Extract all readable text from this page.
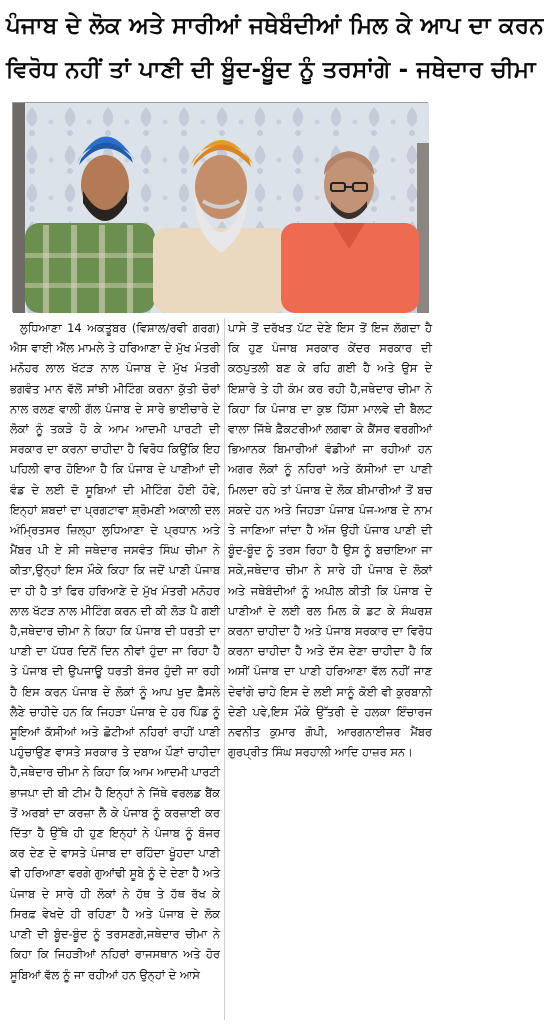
ਪੰਜਾਬ ਦੇ ਲੋਕ ਅਤੇ ਸਾਰੀਆਂ ਜਥੇਬੰਦੀਆਂ ਮਿਲ ਕੇ ਆਪ ਦਾ ਕਰਨ
ਵਿਰੋਧ ਨਹੀਂ ਤਾਂ ਪਾਣੀ ਦੀ ਬੂੰਦ-ਬੂੰਦ ਨੂੰ ਤਰਸਾਂਗੇ - ਜਥੇਦਾਰ ਚੀਮਾ

ਲੁਧਿਆਣਾ 14 ਅਕਤੂਬਰ (ਵਿਸ਼ਾਲ/ਰਵੀ ਗਰਗ) ਐਸ ਵਾਈ ਐੱਲ ਮਾਮਲੇ ਤੇ ਹਰਿਆਣਾ ਦੇ ਮੁੱਖ ਮੰਤਰੀ ਮਨੋਹਰ ਲਾਲ ਖੱਟੜ ਨਾਲ ਪੰਜਾਬ ਦੇ ਮੁੱਖ ਮੰਤਰੀ ਭਗਵੰਤ ਮਾਨ ਵੱਲੋਂ ਸਾਂਝੀ ਮੀਟਿੰਗ ਕਰਨਾ ਕੁੱਤੀ ਚੋਰਾਂ ਨਾਲ ਰਲਣ ਵਾਲੀ ਗੱਲ ਪੰਜਾਬ ਦੇ ਸਾਰੇ ਭਾਈਚਾਰੇ ਦੇ ਲੋਕਾਂ ਨੂੰ ਤਕੜੇ ਹੋ ਕੇ ਆਮ ਆਦਮੀ ਪਾਰਟੀ ਦੀ ਸਰਕਾਰ ਦਾ ਕਰਨਾ ਚਾਹੀਦਾ ਹੈ ਵਿਰੋਧ ਕਿਉਂਕਿ ਇਹ ਪਹਿਲੀ ਵਾਰ ਹੋਇਆ ਹੈ ਕਿ ਪੰਜਾਬ ਦੇ ਪਾਣੀਆਂ ਦੀ ਵੰਡ ਦੇ ਲਈ ਦੋ ਸੂਬਿਆਂ ਦੀ ਮੀਟਿੰਗ ਹੋਈ ਹੋਵੇ, ਇਨ੍ਹਾਂ ਸ਼ਬਦਾਂ ਦਾ ਪ੍ਰਗਟਾਵਾ ਸ਼੍ਰੋਮਣੀ ਅਕਾਲੀ ਦਲ ਅੰਮ੍ਰਿਤਸਰ ਜ਼ਿਲ੍ਹਾ ਲੁਧਿਆਣਾ ਦੇ ਪ੍ਰਧਾਨ ਅਤੇ ਮੈਂਬਰ ਪੀ ਏ ਸੀ ਜਥੇਦਾਰ ਜਸਵੰਤ ਸਿੰਘ ਚੀਮਾ ਨੇ ਕੀਤਾ,ਉਨ੍ਹਾਂ ਇਸ ਮੌਕੇ ਕਿਹਾ ਕਿ ਜਦੋਂ ਪਾਣੀ ਪੰਜਾਬ ਦਾ ਹੀ ਹੈ ਤਾਂ ਫਿਰ ਹਰਿਆਣੇ ਦੇ ਮੁੱਖ ਮੰਤਰੀ ਮਨੋਹਰ ਲਾਲ ਖੱਟੜ ਨਾਲ ਮੀਟਿੰਗ ਕਰਨ ਦੀ ਕੀ ਲੋੜ ਪੈ ਗਈ ਹੈ,ਜਥੇਦਾਰ ਚੀਮਾ ਨੇ ਕਿਹਾ ਕਿ ਪੰਜਾਬ ਦੀ ਧਰਤੀ ਦਾ ਪਾਣੀ ਦਾ ਪੱਧਰ ਦਿਨੋਂ ਦਿਨ ਨੀਵਾਂ ਹੁੰਦਾ ਜਾ ਰਿਹਾ ਹੈ ਤੇ ਪੰਜਾਬ ਦੀ ਉਪਜਾਊ ਧਰਤੀ ਬੰਜਰ ਹੁੰਦੀ ਜਾ ਰਹੀ ਹੈ ਇਸ ਕਰਨ ਪੰਜਾਬ ਦੇ ਲੋਕਾਂ ਨੂੰ ਆਪ ਖੁਦ ਫ਼ੈਸਲੇ ਲੈਣੇ ਚਾਹੀਦੇ ਹਨ ਕਿ ਜਿਹੜਾ ਪੰਜਾਬ ਦੇ ਹਰ ਪਿੰਡ ਨੂੰ ਸੂਇਆਂ ਕੱਸੀਆਂ ਅਤੇ ਛੋਟੀਆਂ ਨਹਿਰਾਂ ਰਾਹੀਂ ਪਾਣੀ ਪਹੁੰਚਾਉਣ ਵਾਸਤੇ ਸਰਕਾਰ ਤੇ ਦਬਾਅ ਪੌਣਾਂ ਚਾਹੀਦਾ ਹੈ,ਜਥੇਦਾਰ ਚੀਮਾ ਨੇ ਕਿਹਾ ਕਿ ਆਮ ਆਦਮੀ ਪਾਰਟੀ ਭਾਜਪਾ ਦੀ ਬੀ ਟੀਮ ਹੈ ਇਨ੍ਹਾਂ ਨੇ ਜਿੱਥੇ ਵਰਲਡ ਬੈਂਕ ਤੋਂ ਅਰਬਾਂ ਦਾ ਕਰਜ਼ਾ ਲੈ ਕੇ ਪੰਜਾਬ ਨੂੰ ਕਰਜ਼ਾਈ ਕਰ ਦਿੱਤਾ ਹੈ ਉੱਥੇ ਹੀ ਹੁਣ ਇਨ੍ਹਾਂ ਨੇ ਪੰਜਾਬ ਨੂੰ ਬੰਜਰ ਕਰ ਦੇਣ ਦੇ ਵਾਸਤੇ ਪੰਜਾਬ ਦਾ ਰਹਿੰਦਾ ਖੂੰਹਦਾ ਪਾਣੀ ਵੀ ਹਰਿਆਣਾ ਵਰਗੇ ਗੁਆਂਢੀ ਸੂਬੇ ਨੂੰ ਦੇ ਦੇਣਾ ਹੈ ਅਤੇ ਪੰਜਾਬ ਦੇ ਸਾਰੇ ਹੀ ਲੋਕਾਂ ਨੇ ਹੱਥ ਤੇ ਹੱਥ ਰੱਖ ਕੇ ਸਿਰਫ਼ ਵੇਖਦੇ ਹੀ ਰਹਿਣਾ ਹੈ ਅਤੇ ਪੰਜਾਬ ਦੇ ਲੋਕ ਪਾਣੀ ਦੀ ਬੂੰਦ-ਬੂੰਦ ਨੂੰ ਤਰਸਣਗੇ,ਜਥੇਦਾਰ ਚੀਮਾ ਨੇ ਕਿਹਾ ਕਿ ਜਿਹੜੀਆਂ ਨਹਿਰਾਂ ਰਾਜਸਥਾਨ ਅਤੇ ਹੋਰ ਸੂਬਿਆਂ ਵੱਲ ਨੂੰ ਜਾ ਰਹੀਆਂ ਹਨ ਉਨ੍ਹਾਂ ਦੇ ਆਸੇ

ਪਾਸੇ ਤੋਂ ਦਰੱਖਤ ਪੱਟ ਦੇਣੇ ਇਸ ਤੋਂ ਇਜ ਲੱਗਦਾ ਹੈ ਕਿ ਹੁਣ ਪੰਜਾਬ ਸਰਕਾਰ ਕੇਂਦਰ ਸਰਕਾਰ ਦੀ ਕਠਪੁਤਲੀ ਬਣ ਕੇ ਰਹਿ ਗਈ ਹੈ ਅਤੇ ਉਸ ਦੇ ਇਸ਼ਾਰੇ ਤੇ ਹੀ ਕੰਮ ਕਰ ਰਹੀ ਹੈ,ਜਥੇਦਾਰ ਚੀਮਾ ਨੇ ਕਿਹਾ ਕਿ ਪੰਜਾਬ ਦਾ ਕੁਝ ਹਿੱਸਾ ਮਾਲਵੇ ਦੀ ਬੈਲਟ ਵਾਲਾ ਜਿੱਥੇ ਫ਼ੈਕਟਰੀਆਂ ਲਗਵਾ ਕੇ ਕੈਂਸਰ ਵਰਗੀਆਂ ਭਿਆਨਕ ਬਿਮਾਰੀਆਂ ਵੰਡੀਆਂ ਜਾ ਰਹੀਆਂ ਹਨ ਅਗਰ ਲੋਕਾਂ ਨੂੰ ਨਹਿਰਾਂ ਅਤੇ ਕੱਸੀਆਂ ਦਾ ਪਾਣੀ ਮਿਲਦਾ ਰਹੇ ਤਾਂ ਪੰਜਾਬ ਦੇ ਲੋਕ ਬੀਮਾਰੀਆਂ ਤੋਂ ਬਚ ਸਕਦੇ ਹਨ ਅਤੇ ਜਿਹੜਾ ਪੰਜਾਬ ਪੰਜ-ਆਬ ਦੇ ਨਾਮ ਤੇ ਜਾਣਿਆ ਜਾਂਦਾ ਹੈ ਅੱਜ ਉਹੀ ਪੰਜਾਬ ਪਾਣੀ ਦੀ ਬੂੰਦ-ਬੂੰਦ ਨੂੰ ਤਰਸ ਰਿਹਾ ਹੈ ਉਸ ਨੂੰ ਬਚਾਇਆ ਜਾ ਸਕੇ,ਜਥੇਦਾਰ ਚੀਮਾ ਨੇ ਸਾਰੇ ਹੀ ਪੰਜਾਬ ਦੇ ਲੋਕਾਂ ਅਤੇ ਜਥੇਬੰਦੀਆਂ ਨੂੰ ਅਪੀਲ ਕੀਤੀ ਕਿ ਪੰਜਾਬ ਦੇ ਪਾਣੀਆਂ ਦੇ ਲਈ ਰਲ ਮਿਲ ਕੇ ਡਟ ਕੇ ਸੰਘਰਸ਼ ਕਰਨਾ ਚਾਹੀਦਾ ਹੈ ਅਤੇ ਪੰਜਾਬ ਸਰਕਾਰ ਦਾ ਵਿਰੋਧ ਕਰਨਾ ਚਾਹੀਦਾ ਹੈ ਅਤੇ ਦੱਸ ਦੇਣਾ ਚਾਹੀਦਾ ਹੈ ਕਿ ਅਸੀਂ ਪੰਜਾਬ ਦਾ ਪਾਣੀ ਹਰਿਆਣਾ ਵੱਲ ਨਹੀਂ ਜਾਣ ਦੇਵਾਂਗੇ ਚਾਹੇ ਇਸ ਦੇ ਲਈ ਸਾਨੂੰ ਕੋਈ ਵੀ ਕੁਰਬਾਨੀ ਦੇਣੀ ਪਵੇ,ਇਸ ਮੌਕੇ ਉੱਤਰੀ ਦੇ ਹਲਕਾ ਇੰਚਾਰਜ ਨਵਨੀਤ ਕੁਮਾਰ ਗੋਪੀ, ਆਰਗਨਾਈਜ਼ਰ ਮੈਂਬਰ ਗੁਰਪ੍ਰੀਤ ਸਿੰਘ ਸਰਹਾਲੀ ਆਦਿ ਹਾਜ਼ਰ ਸਨ।
